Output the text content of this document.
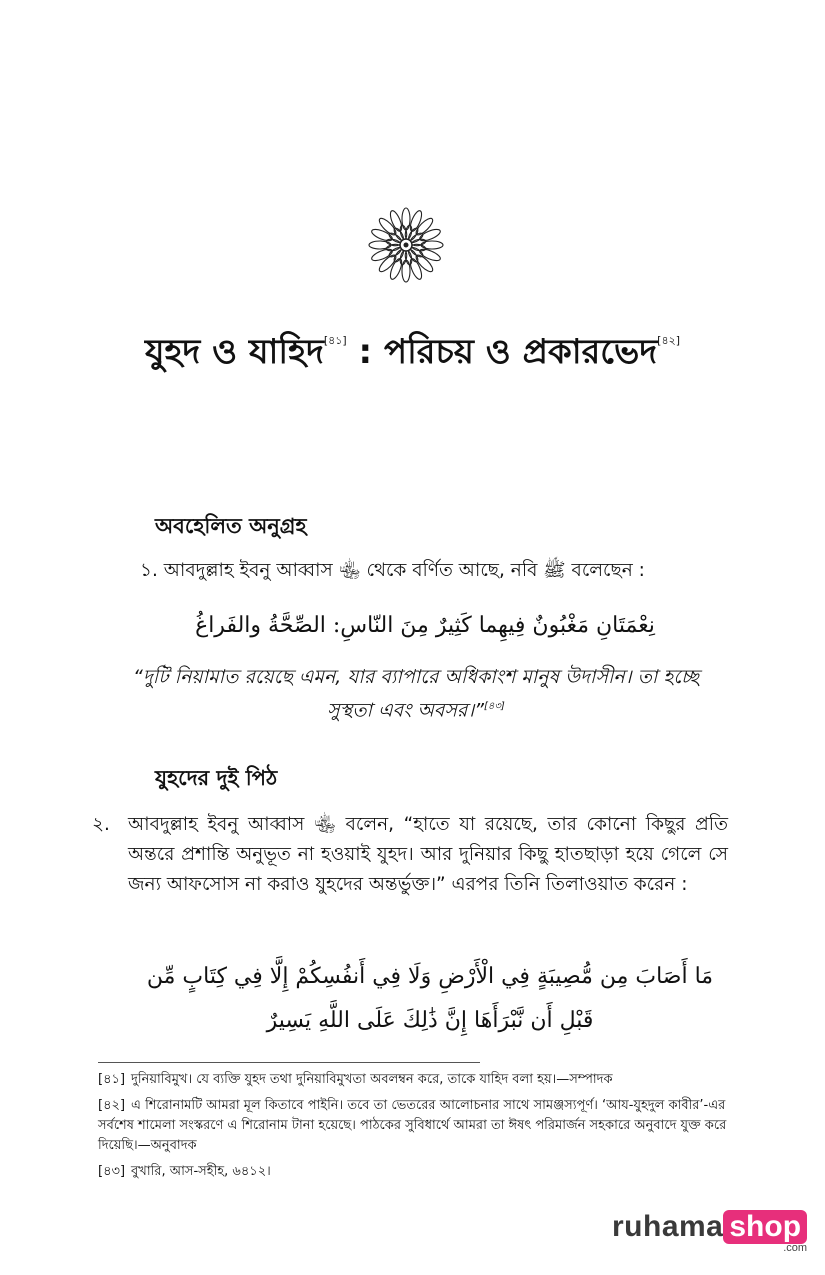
যুহদ ও যাহিদ[৪১] : পরিচয় ও প্রকারভেদ[৪২]
অবহেলিত অনুগ্রহ
১. আবদুল্লাহ ইবনু আব্বাস ﵄ থেকে বর্ণিত আছে, নবি ﷺ বলেছেন :
نِعْمَتَانِ مَغْبُونٌ فِيهِما كَثِيرٌ مِنَ النّاسِ: الصِّحَّةُ والفَراغُ
“দুটি নিয়ামাত রয়েছে এমন, যার ব্যাপারে অধিকাংশ মানুষ উদাসীন। তা হচ্ছে সুস্থতা এবং অবসর।”[৪৩]
যুহদের দুই পিঠ
২. আবদুল্লাহ ইবনু আব্বাস ﵄ বলেন, “হাতে যা রয়েছে, তার কোনো কিছুর প্রতি অন্তরে প্রশান্তি অনুভূত না হওয়াই যুহদ। আর দুনিয়ার কিছু হাতছাড়া হয়ে গেলে সে জন্য আফসোস না করাও যুহদের অন্তর্ভুক্ত।” এরপর তিনি তিলাওয়াত করেন :
مَا أَصَابَ مِن مُّصِيبَةٍ فِي الْأَرْضِ وَلَا فِي أَنفُسِكُمْ إِلَّا فِي كِتَابٍ مِّن قَبْلِ أَن نَّبْرَأَهَا إِنَّ ذَٰلِكَ عَلَى اللَّهِ يَسِيرٌ
[৪১] দুনিয়াবিমুখ। যে ব্যক্তি যুহদ তথা দুনিয়াবিমুখতা অবলম্বন করে, তাকে যাহিদ বলা হয়।—সম্পাদক
[৪২] এ শিরোনামটি আমরা মূল কিতাবে পাইনি। তবে তা ভেতরের আলোচনার সাথে সামঞ্জস্যপূর্ণ। ‘আয-যুহদুল কাবীর’-এর সর্বশেষ শামেলা সংস্করণে এ শিরোনাম টানা হয়েছে। পাঠকের সুবিধার্থে আমরা তা ঈষৎ পরিমার্জন সহকারে অনুবাদে যুক্ত করে দিয়েছি।—অনুবাদক
[৪৩] বুখারি, আস-সহীহ, ৬৪১২।
ruhama shop
.com
